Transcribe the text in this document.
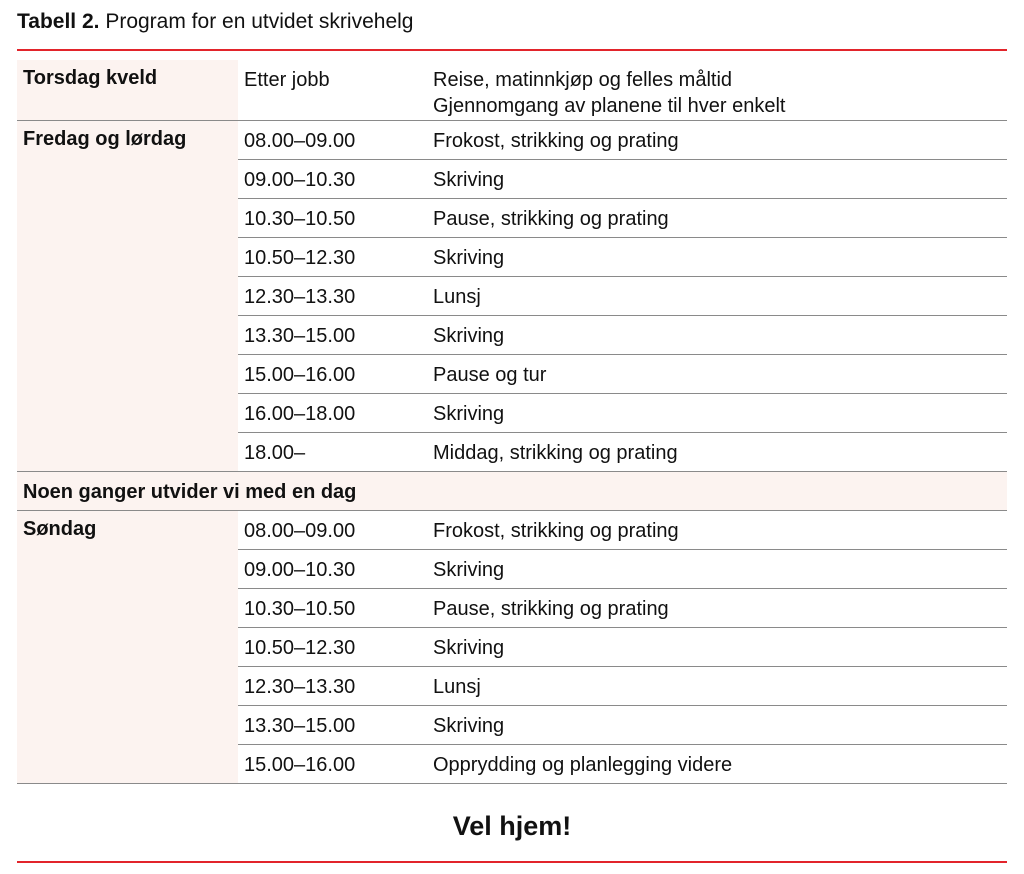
Tabell 2. Program for en utvidet skrivehelg
Torsdag kveld	Etter jobb	Reise, matinnkjøp og felles måltid
Gjennomgang av planene til hver enkelt

Fredag og lørdag	08.00–09.00	Frokost, strikking og prating
	09.00–10.30	Skriving
	10.30–10.50	Pause, strikking og prating
	10.50–12.30	Skriving
	12.30–13.30	Lunsj
	13.30–15.00	Skriving
	15.00–16.00	Pause og tur
	16.00–18.00	Skriving
	18.00–	Middag, strikking og prating
Noen ganger utvider vi med en dag		
Søndag	08.00–09.00	Frokost, strikking og prating
	09.00–10.30	Skriving
	10.30–10.50	Pause, strikking og prating
	10.50–12.30	Skriving
	12.30–13.30	Lunsj
	13.30–15.00	Skriving
	15.00–16.00	Opprydding og planlegging videre
Vel hjem!
